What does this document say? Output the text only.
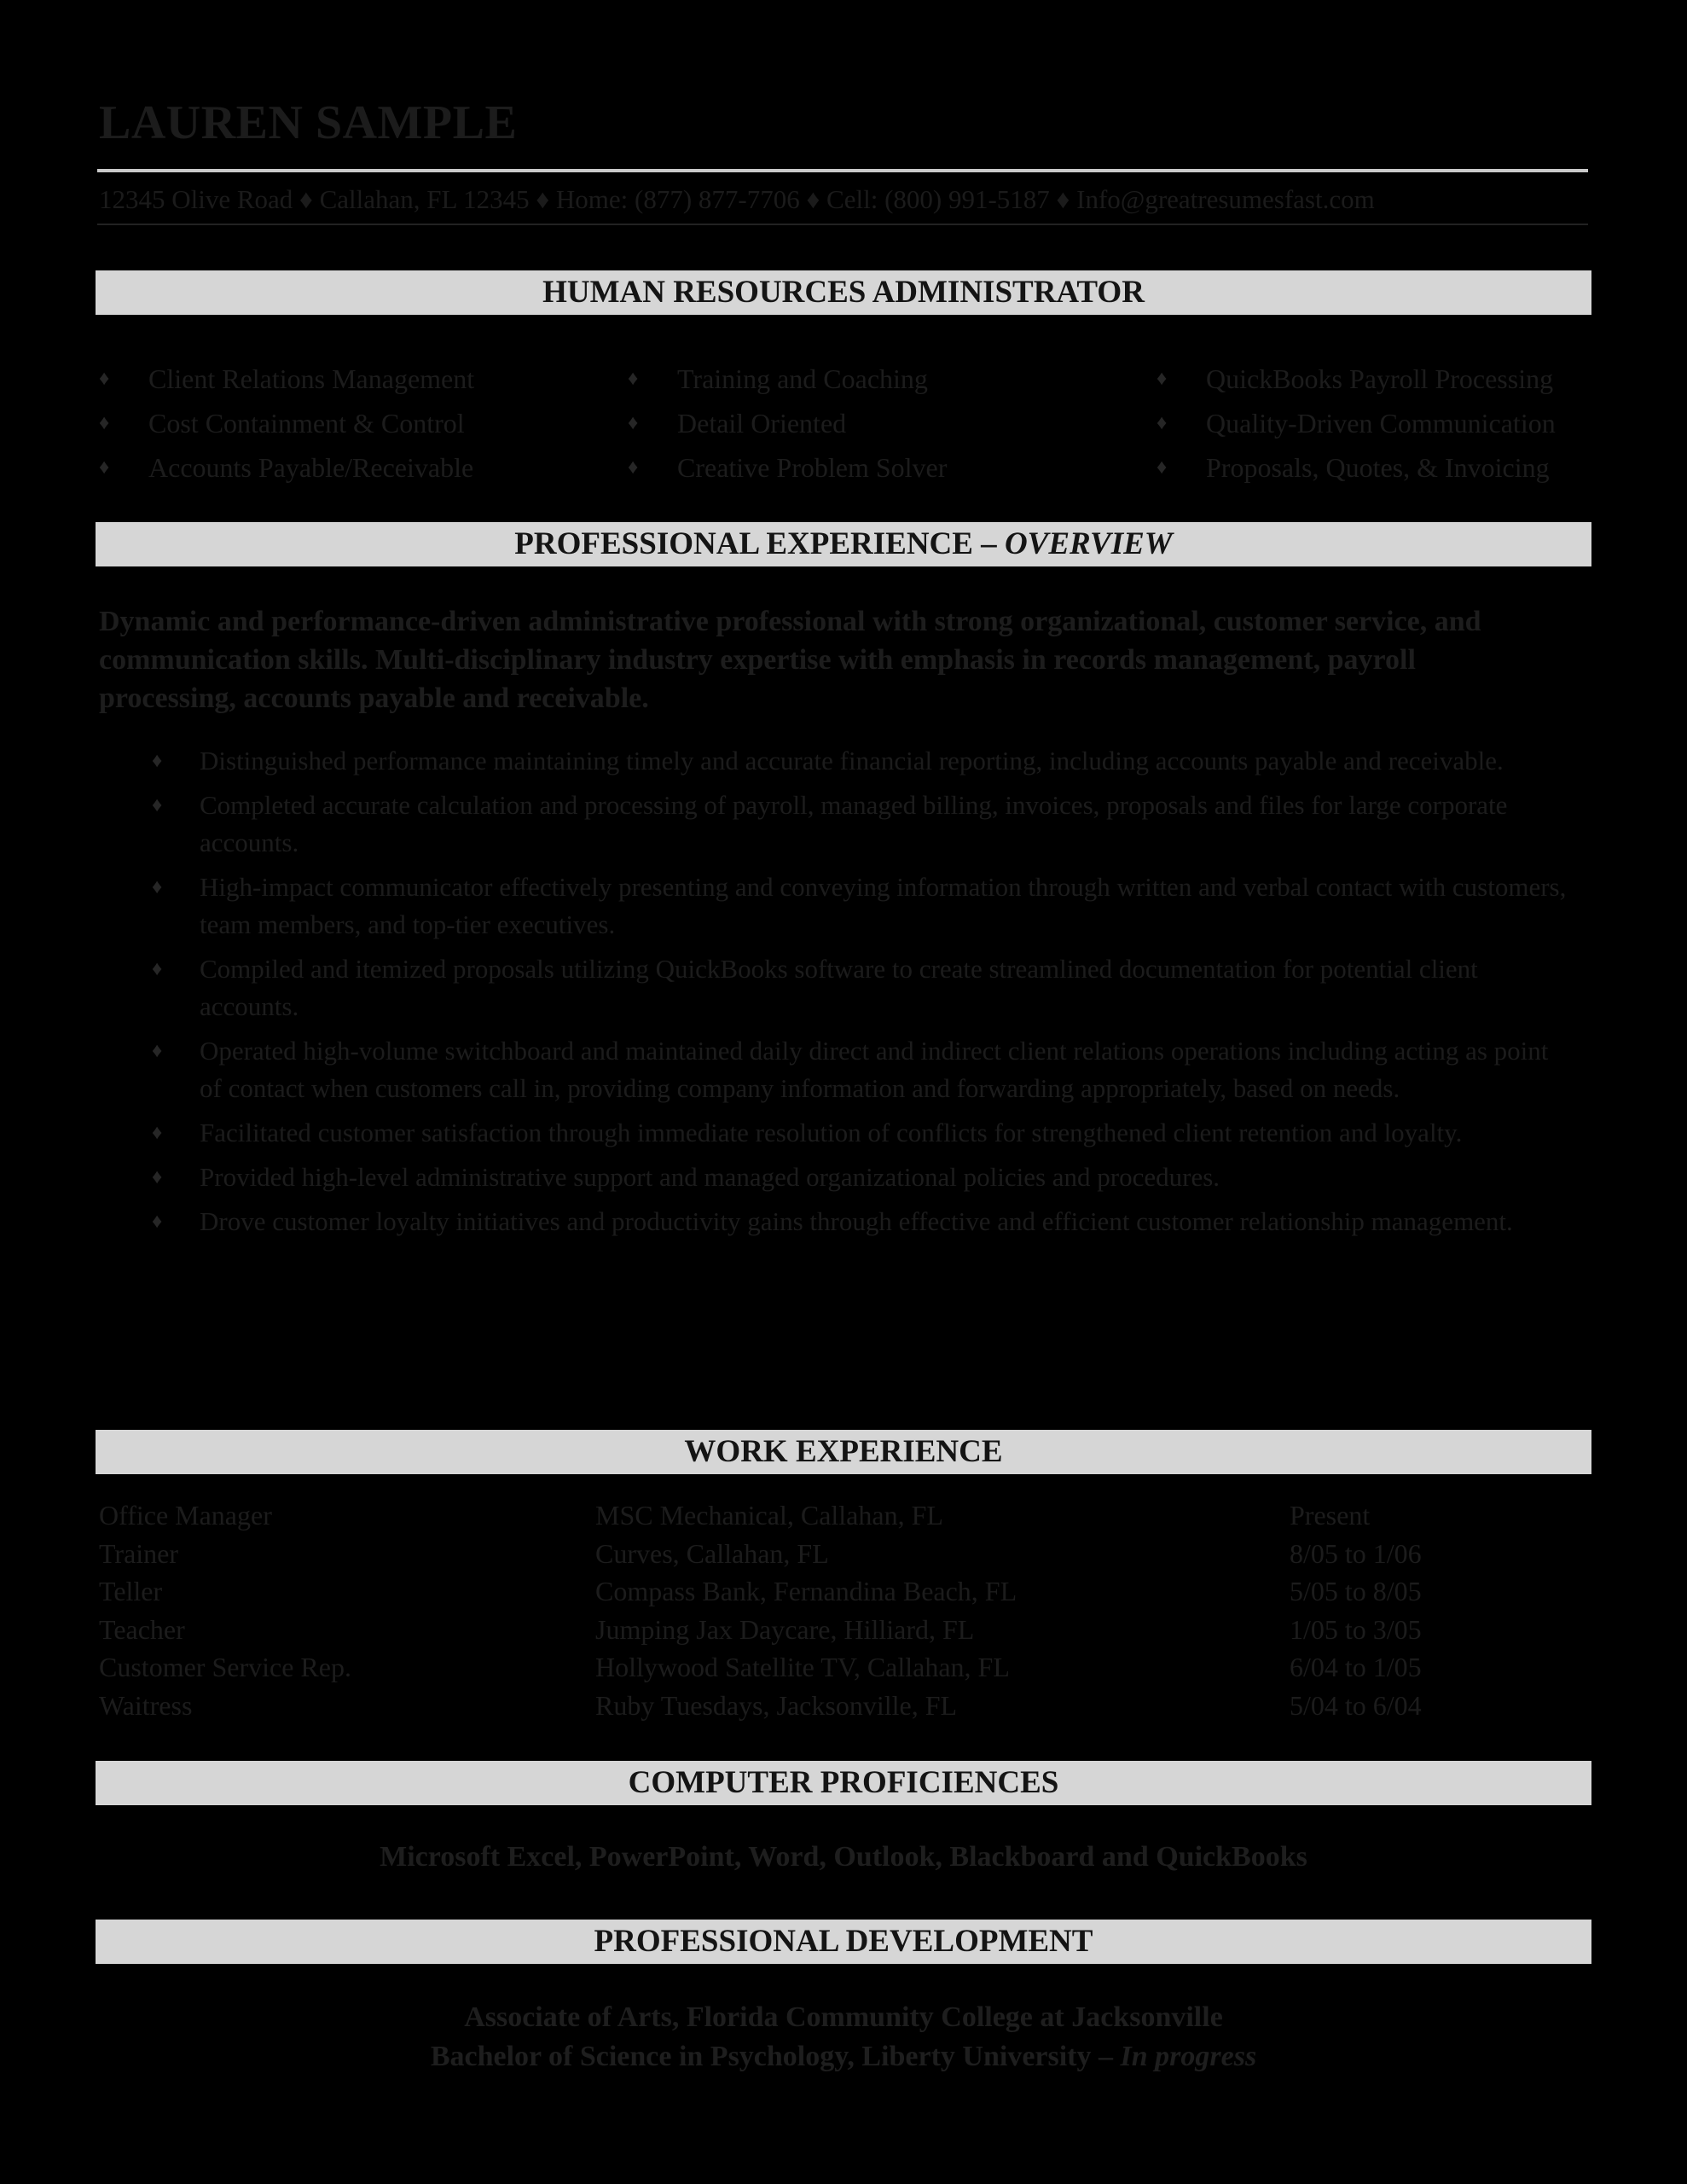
LAUREN SAMPLE
12345 Olive Road ♦ Callahan, FL 12345 ♦ Home: (877) 877-7706 ♦ Cell: (800) 991-5187 ♦ Info@greatresumesfast.com
HUMAN RESOURCES ADMINISTRATOR
♦	Client Relations Management
♦	Cost Containment & Control
♦	Accounts Payable/Receivable
♦	Training and Coaching
♦	Detail Oriented
♦	Creative Problem Solver
♦	QuickBooks Payroll Processing
♦	Quality-Driven Communication
♦	Proposals, Quotes, & Invoicing
PROFESSIONAL EXPERIENCE – OVERVIEW
Dynamic and performance-driven administrative professional with strong organizational, customer service, and communication skills. Multi-disciplinary industry expertise with emphasis in records management, payroll processing, accounts payable and receivable.
♦	Distinguished performance maintaining timely and accurate financial reporting, including accounts payable and receivable.
♦	Completed accurate calculation and processing of payroll, managed billing, invoices, proposals and files for large corporate accounts.
♦	High-impact communicator effectively presenting and conveying information through written and verbal contact with customers, team members, and top-tier executives.
♦	Compiled and itemized proposals utilizing QuickBooks software to create streamlined documentation for potential client accounts.
♦	Operated high-volume switchboard and maintained daily direct and indirect client relations operations including acting as point of contact when customers call in, providing company information and forwarding appropriately, based on needs.
♦	Facilitated customer satisfaction through immediate resolution of conflicts for strengthened client retention and loyalty.
♦	Provided high-level administrative support and managed organizational policies and procedures.
♦	Drove customer loyalty initiatives and productivity gains through effective and efficient customer relationship management.
WORK EXPERIENCE
Office Manager	MSC Mechanical, Callahan, FL	Present
Trainer	Curves, Callahan, FL	8/05 to 1/06
Teller	Compass Bank, Fernandina Beach, FL	5/05 to 8/05
Teacher	Jumping Jax Daycare, Hilliard, FL	1/05 to 3/05
Customer Service Rep.	Hollywood Satellite TV, Callahan, FL	6/04 to 1/05
Waitress	Ruby Tuesdays, Jacksonville, FL	5/04 to 6/04
COMPUTER PROFICIENCES
Microsoft Excel, PowerPoint, Word, Outlook, Blackboard and QuickBooks
PROFESSIONAL DEVELOPMENT
Associate of Arts, Florida Community College at Jacksonville
Bachelor of Science in Psychology, Liberty University – In progress
